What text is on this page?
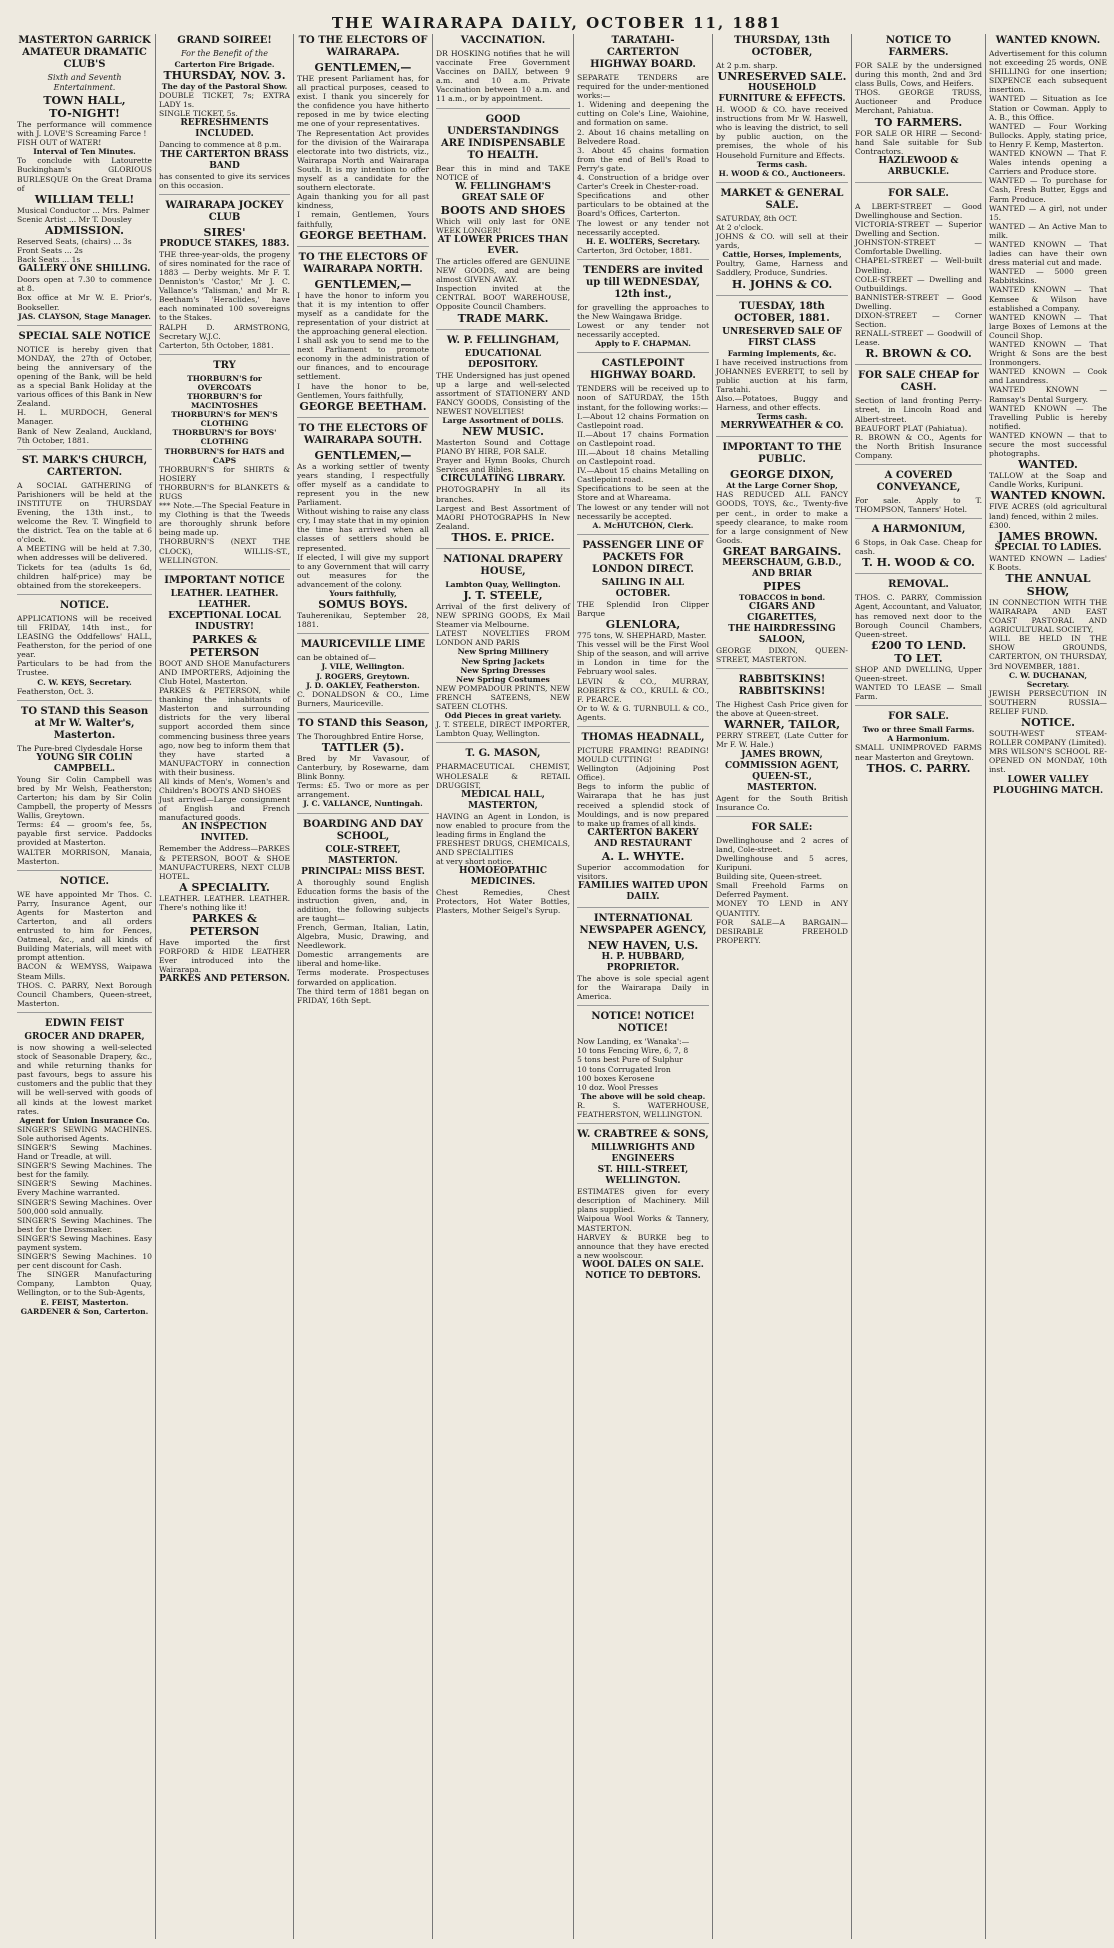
THE WAIRARAPA DAILY, OCTOBER 11, 1881
MASTERTON GARRICK AMATEUR DRAMATIC CLUB'S
Sixth and Seventh Entertainment.

TOWN HALL,

TO-NIGHT!

The performance will commence with J. LOVE'S Screaming Farce !

FISH OUT of WATER!

Interval of Ten Minutes.

To conclude with Latourette Buckingham's GLORIOUS BURLESQUE On the Great Drama of

WILLIAM TELL!

Musical Conductor ... Mrs. Palmer

Scenic Artist ... Mr T. Dousley

ADMISSION.

Reserved Seats, (chairs) ... 3s

Front Seats ... 2s

Back Seats ... 1s

GALLERY ONE SHILLING.

Doors open at 7.30 to commence at 8.

Box office at Mr W. E. Prior's, Bookseller.

JAS. CLAYSON, Stage Manager.

SPECIAL SALE NOTICE

NOTICE is hereby given that MONDAY, the 27th of October, being the anniversary of the opening of the Bank, will be held as a special Bank Holiday at the various offices of this Bank in New Zealand.

H. L. MURDOCH, General Manager.

Bank of New Zealand, Auckland, 7th October, 1881.

ST. MARK'S CHURCH, CARTERTON.

A SOCIAL GATHERING of Parishioners will be held at the INSTITUTE on THURSDAY Evening, the 13th inst., to welcome the Rev. T. Wingfield to the district. Tea on the table at 6 o'clock.

A MEETING will be held at 7.30, when addresses will be delivered.

Tickets for tea (adults 1s 6d, children half-price) may be obtained from the storekeepers.

NOTICE.

APPLICATIONS will be received till FRIDAY, 14th inst., for LEASING the Oddfellows' HALL, Featherston, for the period of one year.

Particulars to be had from the Trustee.

C. W. KEYS, Secretary.

Featherston, Oct. 3.

TO STAND this Season at Mr W. Walter's, Masterton.

The Pure-bred Clydesdale Horse

YOUNG SIR COLIN CAMPBELL.

Young Sir Colin Campbell was bred by Mr Welsh, Featherston; Carterton; his dam by Sir Colin Campbell, the property of Messrs Wallis, Greytown.

Terms: £4 — groom's fee, 5s, payable first service. Paddocks provided at Masterton.

WALTER MORRISON, Manaia, Masterton.

NOTICE.

WE have appointed Mr Thos. C. Parry, Insurance Agent, our Agents for Masterton and Carterton, and all orders entrusted to him for Fences, Oatmeal, &c., and all kinds of Building Materials, will meet with prompt attention.

BACON & WEMYSS, Waipawa Steam Mills.

THOS. C. PARRY, Next Borough Council Chambers, Queen-street, Masterton.

EDWIN FEIST

GROCER AND DRAPER,

is now showing a well-selected stock of Seasonable Drapery, &c., and while returning thanks for past favours, begs to assure his customers and the public that they will be well-served with goods of all kinds at the lowest market rates.

Agent for Union Insurance Co.

SINGER'S SEWING MACHINES. Sole authorised Agents.

SINGER'S Sewing Machines. Hand or Treadle, at will.

SINGER'S Sewing Machines. The best for the family.

SINGER'S Sewing Machines. Every Machine warranted.

SINGER'S Sewing Machines. Over 500,000 sold annually.

SINGER'S Sewing Machines. The best for the Dressmaker.

SINGER'S Sewing Machines. Easy payment system.

SINGER'S Sewing Machines. 10 per cent discount for Cash.

The SINGER Manufacturing Company, Lambton Quay, Wellington, or to the Sub-Agents,

E. FEIST, Masterton.

GARDENER & Son, Carterton.

GRAND SOIREE!
For the Benefit of the

Carterton Fire Brigade.

THURSDAY, NOV. 3.

The day of the Pastoral Show.

DOUBLE TICKET, 7s; EXTRA LADY 1s.

SINGLE TICKET, 5s.

REFRESHMENTS INCLUDED.

Dancing to commence at 8 p.m.

THE CARTERTON BRASS BAND

has consented to give its services on this occasion.

WAIRARAPA JOCKEY CLUB

SIRES'

PRODUCE STAKES, 1883.

THE three-year-olds, the progeny of sires nominated for the race of 1883 — Derby weights. Mr F. T. Denniston's 'Castor,' Mr J. C. Vallance's 'Talisman,' and Mr R. Beetham's 'Heraclides,' have each nominated 100 sovereigns to the Stakes.

RALPH D. ARMSTRONG, Secretary W.J.C.

Carterton, 5th October, 1881.

TRY

THORBURN'S for OVERCOATS

THORBURN'S for MACINTOSHES

THORBURN'S for MEN'S CLOTHING

THORBURN'S for BOYS' CLOTHING

THORBURN'S for HATS and CAPS

THORBURN'S for SHIRTS & HOSIERY

THORBURN'S for BLANKETS & RUGS

*** Note.—The Special Feature in my Clothing is that the Tweeds are thoroughly shrunk before being made up.

THORBURN'S (NEXT THE CLOCK), WILLIS-ST., WELLINGTON.

IMPORTANT NOTICE

LEATHER. LEATHER. LEATHER.

EXCEPTIONAL LOCAL INDUSTRY!

PARKES & PETERSON

BOOT AND SHOE Manufacturers AND IMPORTERS, Adjoining the Club Hotel, Masterton.

PARKES & PETERSON, while thanking the inhabitants of Masterton and surrounding districts for the very liberal support accorded them since commencing business three years ago, now beg to inform them that they have started a MANUFACTORY in connection with their business.

All kinds of Men's, Women's and Children's BOOTS AND SHOES

Just arrived—Large consignment of English and French manufactured goods.

AN INSPECTION INVITED.

Remember the Address—PARKES & PETERSON, BOOT & SHOE MANUFACTURERS, NEXT CLUB HOTEL.

A SPECIALITY.

LEATHER. LEATHER. LEATHER. There's nothing like it!

PARKES & PETERSON

Have imported the first FORFORD & HIDE LEATHER Ever introduced into the Wairarapa.

PARKES AND PETERSON.

TO THE ELECTORS OF WAIRARAPA.

GENTLEMEN,—

THE present Parliament has, for all practical purposes, ceased to exist. I thank you sincerely for the confidence you have hitherto reposed in me by twice electing me one of your representatives.

The Representation Act provides for the division of the Wairarapa electorate into two districts, viz., Wairarapa North and Wairarapa South. It is my intention to offer myself as a candidate for the southern electorate.

Again thanking you for all past kindness,

I remain, Gentlemen, Yours faithfully,

GEORGE BEETHAM.

TO THE ELECTORS OF WAIRARAPA NORTH.

GENTLEMEN,—

I have the honor to inform you that it is my intention to offer myself as a candidate for the representation of your district at the approaching general election.

I shall ask you to send me to the next Parliament to promote economy in the administration of our finances, and to encourage settlement.

I have the honor to be, Gentlemen, Yours faithfully,

GEORGE BEETHAM.

TO THE ELECTORS OF WAIRARAPA SOUTH.

GENTLEMEN,—

As a working settler of twenty years standing, I respectfully offer myself as a candidate to represent you in the new Parliament.

Without wishing to raise any class cry, I may state that in my opinion the time has arrived when all classes of settlers should be represented.

If elected, I will give my support to any Government that will carry out measures for the advancement of the colony.

Yours faithfully,

SOMUS BOYS.

Tauherenikau, September 28, 1881.

MAURICEVILLE LIME

can be obtained of—

J. VILE, Wellington.

J. ROGERS, Greytown.

J. D. OAKLEY, Featherston.

C. DONALDSON & CO., Lime Burners, Mauriceville.

TO STAND this Season,

The Thoroughbred Entire Horse,

TATTLER (5).

Bred by Mr Vavasour, of Canterbury, by Rosewarne, dam Blink Bonny.

Terms: £5. Two or more as per arrangement.

J. C. VALLANCE, Nuntingah.

BOARDING AND DAY SCHOOL,

COLE-STREET, MASTERTON.

PRINCIPAL: MISS BEST.

A thoroughly sound English Education forms the basis of the instruction given, and, in addition, the following subjects are taught—

French, German, Italian, Latin, Algebra, Music, Drawing, and Needlework.

Domestic arrangements are liberal and home-like.

Terms moderate. Prospectuses forwarded on application.

The third term of 1881 began on FRIDAY, 16th Sept.

VACCINATION.

DR HOSKING notifies that he will vaccinate Free Government Vaccines on DAILY, between 9 a.m. and 10 a.m. Private Vaccination between 10 a.m. and 11 a.m., or by appointment.

GOOD UNDERSTANDINGS ARE INDISPENSABLE TO HEALTH.

Bear this in mind and TAKE NOTICE of

W. FELLINGHAM'S GREAT SALE OF

BOOTS AND SHOES

Which will only last for ONE WEEK LONGER!

AT LOWER PRICES THAN EVER.

The articles offered are GENUINE NEW GOODS, and are being almost GIVEN AWAY.

Inspection invited at the CENTRAL BOOT WAREHOUSE, Opposite Council Chambers.

TRADE MARK.

W. P. FELLINGHAM,

EDUCATIONAL DEPOSITORY.

THE Undersigned has just opened up a large and well-selected assortment of STATIONERY AND FANCY GOODS, Consisting of the NEWEST NOVELTIES!

Large Assortment of DOLLS.

NEW MUSIC.

Masterton Sound and Cottage PIANO BY HIRE, FOR SALE.

Prayer and Hymn Books, Church Services and Bibles.

CIRCULATING LIBRARY.

PHOTOGRAPHY In all its branches.

Largest and Best Assortment of MAORI PHOTOGRAPHS In New Zealand.

THOS. E. PRICE.

NATIONAL DRAPERY HOUSE,

Lambton Quay, Wellington.

J. T. STEELE,

Arrival of the first delivery of NEW SPRING GOODS, Ex Mail Steamer via Melbourne.

LATEST NOVELTIES FROM LONDON AND PARIS

New Spring Millinery

New Spring Jackets

New Spring Dresses

New Spring Costumes

NEW POMPADOUR PRINTS, NEW FRENCH SATEENS, NEW SATEEN CLOTHS.

Odd Pieces in great variety.

J. T. STEELE, DIRECT IMPORTER, Lambton Quay, Wellington.

T. G. MASON,

PHARMACEUTICAL CHEMIST, WHOLESALE & RETAIL DRUGGIST,

MEDICAL HALL, MASTERTON,

HAVING an Agent in London, is now enabled to procure from the leading firms in England the

FRESHEST DRUGS, CHEMICALS, AND SPECIALITIES

at very short notice.

HOMOEOPATHIC MEDICINES.

Chest Remedies, Chest Protectors, Hot Water Bottles, Plasters, Mother Seigel's Syrup.

TARATAHI-CARTERTON HIGHWAY BOARD.

SEPARATE TENDERS are required for the under-mentioned works:—

1. Widening and deepening the cutting on Cole's Line, Waiohine, and formation on same.

2. About 16 chains metalling on Belvedere Road.

3. About 45 chains formation from the end of Bell's Road to Perry's gate.

4. Construction of a bridge over Carter's Creek in Chester-road.

Specifications and other particulars to be obtained at the Board's Offices, Carterton.

The lowest or any tender not necessarily accepted.

H. E. WOLTERS, Secretary.

Carterton, 3rd October, 1881.

TENDERS are invited up till WEDNESDAY, 12th inst.,

for gravelling the approaches to the New Waingawa Bridge.

Lowest or any tender not necessarily accepted.

Apply to F. CHAPMAN.

CASTLEPOINT HIGHWAY BOARD.

TENDERS will be received up to noon of SATURDAY, the 15th instant, for the following works:—

I.—About 12 chains Formation on Castlepoint road.

II.—About 17 chains Formation on Castlepoint road.

III.—About 18 chains Metalling on Castlepoint road.

IV.—About 15 chains Metalling on Castlepoint road.

Specifications to be seen at the Store and at Whareama.

The lowest or any tender will not necessarily be accepted.

A. McHUTCHON, Clerk.

PASSENGER LINE OF PACKETS FOR LONDON DIRECT.

SAILING IN ALL OCTOBER.

THE Splendid Iron Clipper Barque

GLENLORA,

775 tons, W. SHEPHARD, Master.

This vessel will be the First Wool Ship of the season, and will arrive in London in time for the February wool sales.

LEVIN & CO., MURRAY, ROBERTS & CO., KRULL & CO., F. PEARCE.

Or to W. & G. TURNBULL & CO., Agents.

THOMAS HEADNALL,

PICTURE FRAMING! READING! MOULD CUTTING!

Wellington (Adjoining Post Office).

Begs to inform the public of Wairarapa that he has just received a splendid stock of Mouldings, and is now prepared to make up frames of all kinds.

CARTERTON BAKERY AND RESTAURANT

A. L. WHYTE.

Superior accommodation for visitors.

FAMILIES WAITED UPON DAILY.

INTERNATIONAL NEWSPAPER AGENCY,

NEW HAVEN, U.S.

H. P. HUBBARD, PROPRIETOR.

The above is sole special agent for the Wairarapa Daily in America.

NOTICE! NOTICE! NOTICE!

Now Landing, ex 'Wanaka':—

10 tons Fencing Wire, 6, 7, 8

5 tons best Pure of Sulphur

10 tons Corrugated Iron

100 boxes Kerosene

10 doz. Wool Presses

The above will be sold cheap.

R. S. WATERHOUSE, FEATHERSTON, WELLINGTON.

W. CRABTREE & SONS,

MILLWRIGHTS AND ENGINEERS

ST. HILL-STREET, WELLINGTON.

ESTIMATES given for every description of Machinery. Mill plans supplied.

Waipoua Wool Works & Tannery, MASTERTON.

HARVEY & BURKE beg to announce that they have erected a new woolscour.

WOOL DALES ON SALE.

NOTICE TO DEBTORS.

THURSDAY, 13th OCTOBER,

At 2 p.m. sharp.

UNRESERVED SALE.

HOUSEHOLD FURNITURE & EFFECTS.

H. WOOD & CO. have received instructions from Mr W. Haswell, who is leaving the district, to sell by public auction, on the premises, the whole of his Household Furniture and Effects.

Terms cash.

H. WOOD & CO., Auctioneers.

MARKET & GENERAL SALE.

SATURDAY, 8th OCT.

At 2 o'clock.

JOHNS & CO. will sell at their yards,

Cattle, Horses, Implements,

Poultry, Game, Harness and Saddlery, Produce, Sundries.

H. JOHNS & CO.

TUESDAY, 18th OCTOBER, 1881.

UNRESERVED SALE OF FIRST CLASS

Farming Implements, &c.

I have received instructions from JOHANNES EVERETT, to sell by public auction at his farm, Taratahi.

Also.—Potatoes, Buggy and Harness, and other effects.

Terms cash.

MERRYWEATHER & CO.

IMPORTANT TO THE PUBLIC.

GEORGE DIXON,

At the Large Corner Shop,

HAS REDUCED ALL FANCY GOODS, TOYS, &c., Twenty-five per cent., in order to make a speedy clearance, to make room for a large consignment of New Goods.

GREAT BARGAINS.

MEERSCHAUM, G.B.D., AND BRIAR

PIPES

TOBACCOS in bond.

CIGARS AND CIGARETTES,

THE HAIRDRESSING SALOON,

GEORGE DIXON, QUEEN-STREET, MASTERTON.

RABBITSKINS! RABBITSKINS!

The Highest Cash Price given for the above at Queen-street.

WARNER, TAILOR,

PERRY STREET, (Late Cutter for Mr F. W. Hale.)

JAMES BROWN, COMMISSION AGENT,

QUEEN-ST., MASTERTON.

Agent for the South British Insurance Co.

FOR SALE:

Dwellinghouse and 2 acres of land, Cole-street.

Dwellinghouse and 5 acres, Kuripuni.

Building site, Queen-street.

Small Freehold Farms on Deferred Payment.

MONEY TO LEND in ANY QUANTITY.

FOR SALE—A BARGAIN—DESIRABLE FREEHOLD PROPERTY.

NOTICE TO FARMERS.

FOR SALE by the undersigned during this month, 2nd and 3rd class Bulls, Cows, and Heifers.

THOS. GEORGE TRUSS, Auctioneer and Produce Merchant, Pahiatua.

TO FARMERS.

FOR SALE OR HIRE — Second-hand Sale suitable for Sub Contractors.

HAZLEWOOD & ARBUCKLE.

FOR SALE.

A LBERT-STREET — Good Dwellinghouse and Section.

VICTORIA-STREET — Superior Dwelling and Section.

JOHNSTON-STREET — Comfortable Dwelling.

CHAPEL-STREET — Well-built Dwelling.

COLE-STREET — Dwelling and Outbuildings.

BANNISTER-STREET — Good Dwelling.

DIXON-STREET — Corner Section.

RENALL-STREET — Goodwill of Lease.

R. BROWN & CO.

FOR SALE CHEAP for CASH.

Section of land fronting Perry-street, in Lincoln Road and Albert-street.

BEAUFORT PLAT (Pahiatua).

R. BROWN & CO., Agents for the North British Insurance Company.

A COVERED CONVEYANCE,

For sale. Apply to T. THOMPSON, Tanners' Hotel.

A HARMONIUM,

6 Stops, in Oak Case. Cheap for cash.

T. H. WOOD & CO.

REMOVAL.

THOS. C. PARRY, Commission Agent, Accountant, and Valuator, has removed next door to the Borough Council Chambers, Queen-street.

£200 TO LEND.

TO LET.

SHOP AND DWELLING, Upper Queen-street.

WANTED TO LEASE — Small Farm.

FOR SALE.

Two or three Small Farms.

A Harmonium.

SMALL UNIMPROVED FARMS near Masterton and Greytown.

THOS. C. PARRY.

WANTED KNOWN.

Advertisement for this column not exceeding 25 words, ONE SHILLING for one insertion; SIXPENCE each subsequent insertion.

WANTED — Situation as Ice Station or Cowman. Apply to A. B., this Office.

WANTED — Four Working Bullocks. Apply, stating price, to Henry F. Kemp, Masterton.

WANTED KNOWN — That F. Wales intends opening a Carriers and Produce store.

WANTED — To purchase for Cash, Fresh Butter, Eggs and Farm Produce.

WANTED — A girl, not under 15.

WANTED — An Active Man to milk.

WANTED KNOWN — That ladies can have their own dress material cut and made.

WANTED — 5000 green Rabbitskins.

WANTED KNOWN — That Kemsee & Wilson have established a Company.

WANTED KNOWN — That large Boxes of Lemons at the Council Shop.

WANTED KNOWN — That Wright & Sons are the best Ironmongers.

WANTED KNOWN — Cook and Laundress.

WANTED KNOWN — Ramsay's Dental Surgery.

WANTED KNOWN — The Travelling Public is hereby notified.

WANTED KNOWN — that to secure the most successful photographs.

WANTED.

TALLOW at the Soap and Candle Works, Kuripuni.

WANTED KNOWN.

FIVE ACRES (old agricultural land) fenced, within 2 miles.

£300.

JAMES BROWN.

SPECIAL TO LADIES.

WANTED KNOWN — Ladies' K Boots.

THE ANNUAL SHOW,

IN CONNECTION WITH THE WAIRARAPA AND EAST COAST PASTORAL AND AGRICULTURAL SOCIETY,

WILL BE HELD IN THE SHOW GROUNDS, CARTERTON, ON THURSDAY, 3rd NOVEMBER, 1881.

C. W. DUCHANAN, Secretary.

JEWISH PERSECUTION IN SOUTHERN RUSSIA—RELIEF FUND.

NOTICE.

SOUTH-WEST STEAM-ROLLER COMPANY (Limited).

MRS WILSON'S SCHOOL RE-OPENED ON MONDAY, 10th inst.

LOWER VALLEY PLOUGHING MATCH.
